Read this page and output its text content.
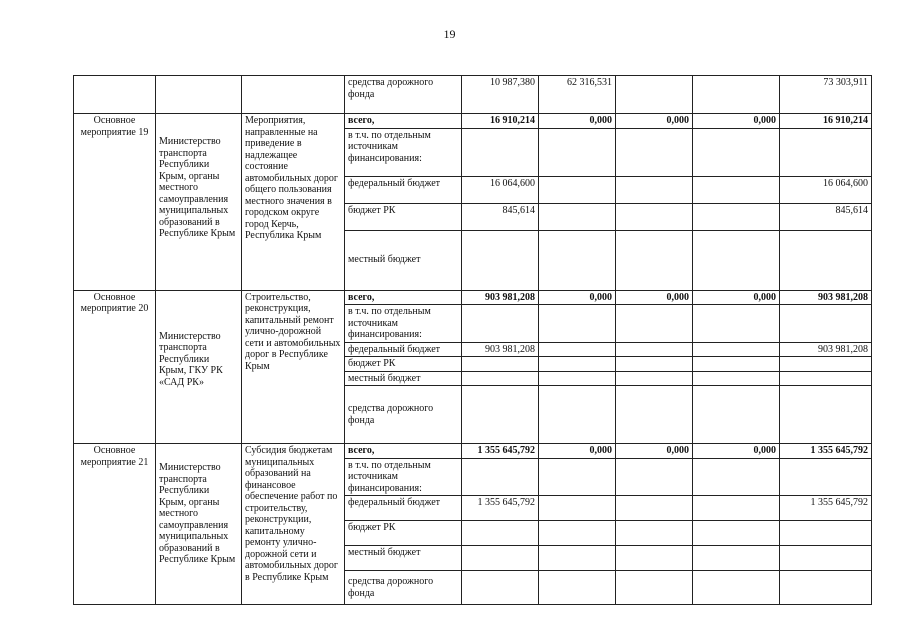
19
			средства дорожного фонда	10 987,380	62 316,531			73 303,911
Основное мероприятие 19	Министерство транспорта Республики Крым, органы местного самоуправления муниципальных образований в Республике Крым	Мероприятия, направленные на приведение в надлежащее состояние автомобильных дорог общего пользования местного значения в городском округе город Керчь, Республика Крым	всего,	16 910,214	0,000	0,000	0,000	16 910,214
			в т.ч. по отдельным источникам финансирования:					
			федеральный бюджет	16 064,600				16 064,600
			бюджет РК	845,614				845,614
			местный бюджет					
Основное мероприятие 20	Министерство транспорта Республики Крым, ГКУ РК «САД РК»	Строительство, реконструкция, капитальный ремонт улично-дорожной сети и автомобильных дорог в Республике Крым	всего,	903 981,208	0,000	0,000	0,000	903 981,208
			в т.ч. по отдельным источникам финансирования:					
			федеральный бюджет	903 981,208				903 981,208
			бюджет РК					
			местный бюджет					
			средства дорожного фонда					
Основное мероприятие 21	Министерство транспорта Республики Крым, органы местного самоуправления муниципальных образований в Республике Крым	Субсидия бюджетам муниципальных образований на финансовое обеспечение работ по строительству, реконструкции, капитальному ремонту улично-дорожной сети и автомобильных дорог в Республике Крым	всего,	1 355 645,792	0,000	0,000	0,000	1 355 645,792
			в т.ч. по отдельным источникам финансирования:					
			федеральный бюджет	1 355 645,792				1 355 645,792
			бюджет РК					
			местный бюджет					
			средства дорожного фонда					
